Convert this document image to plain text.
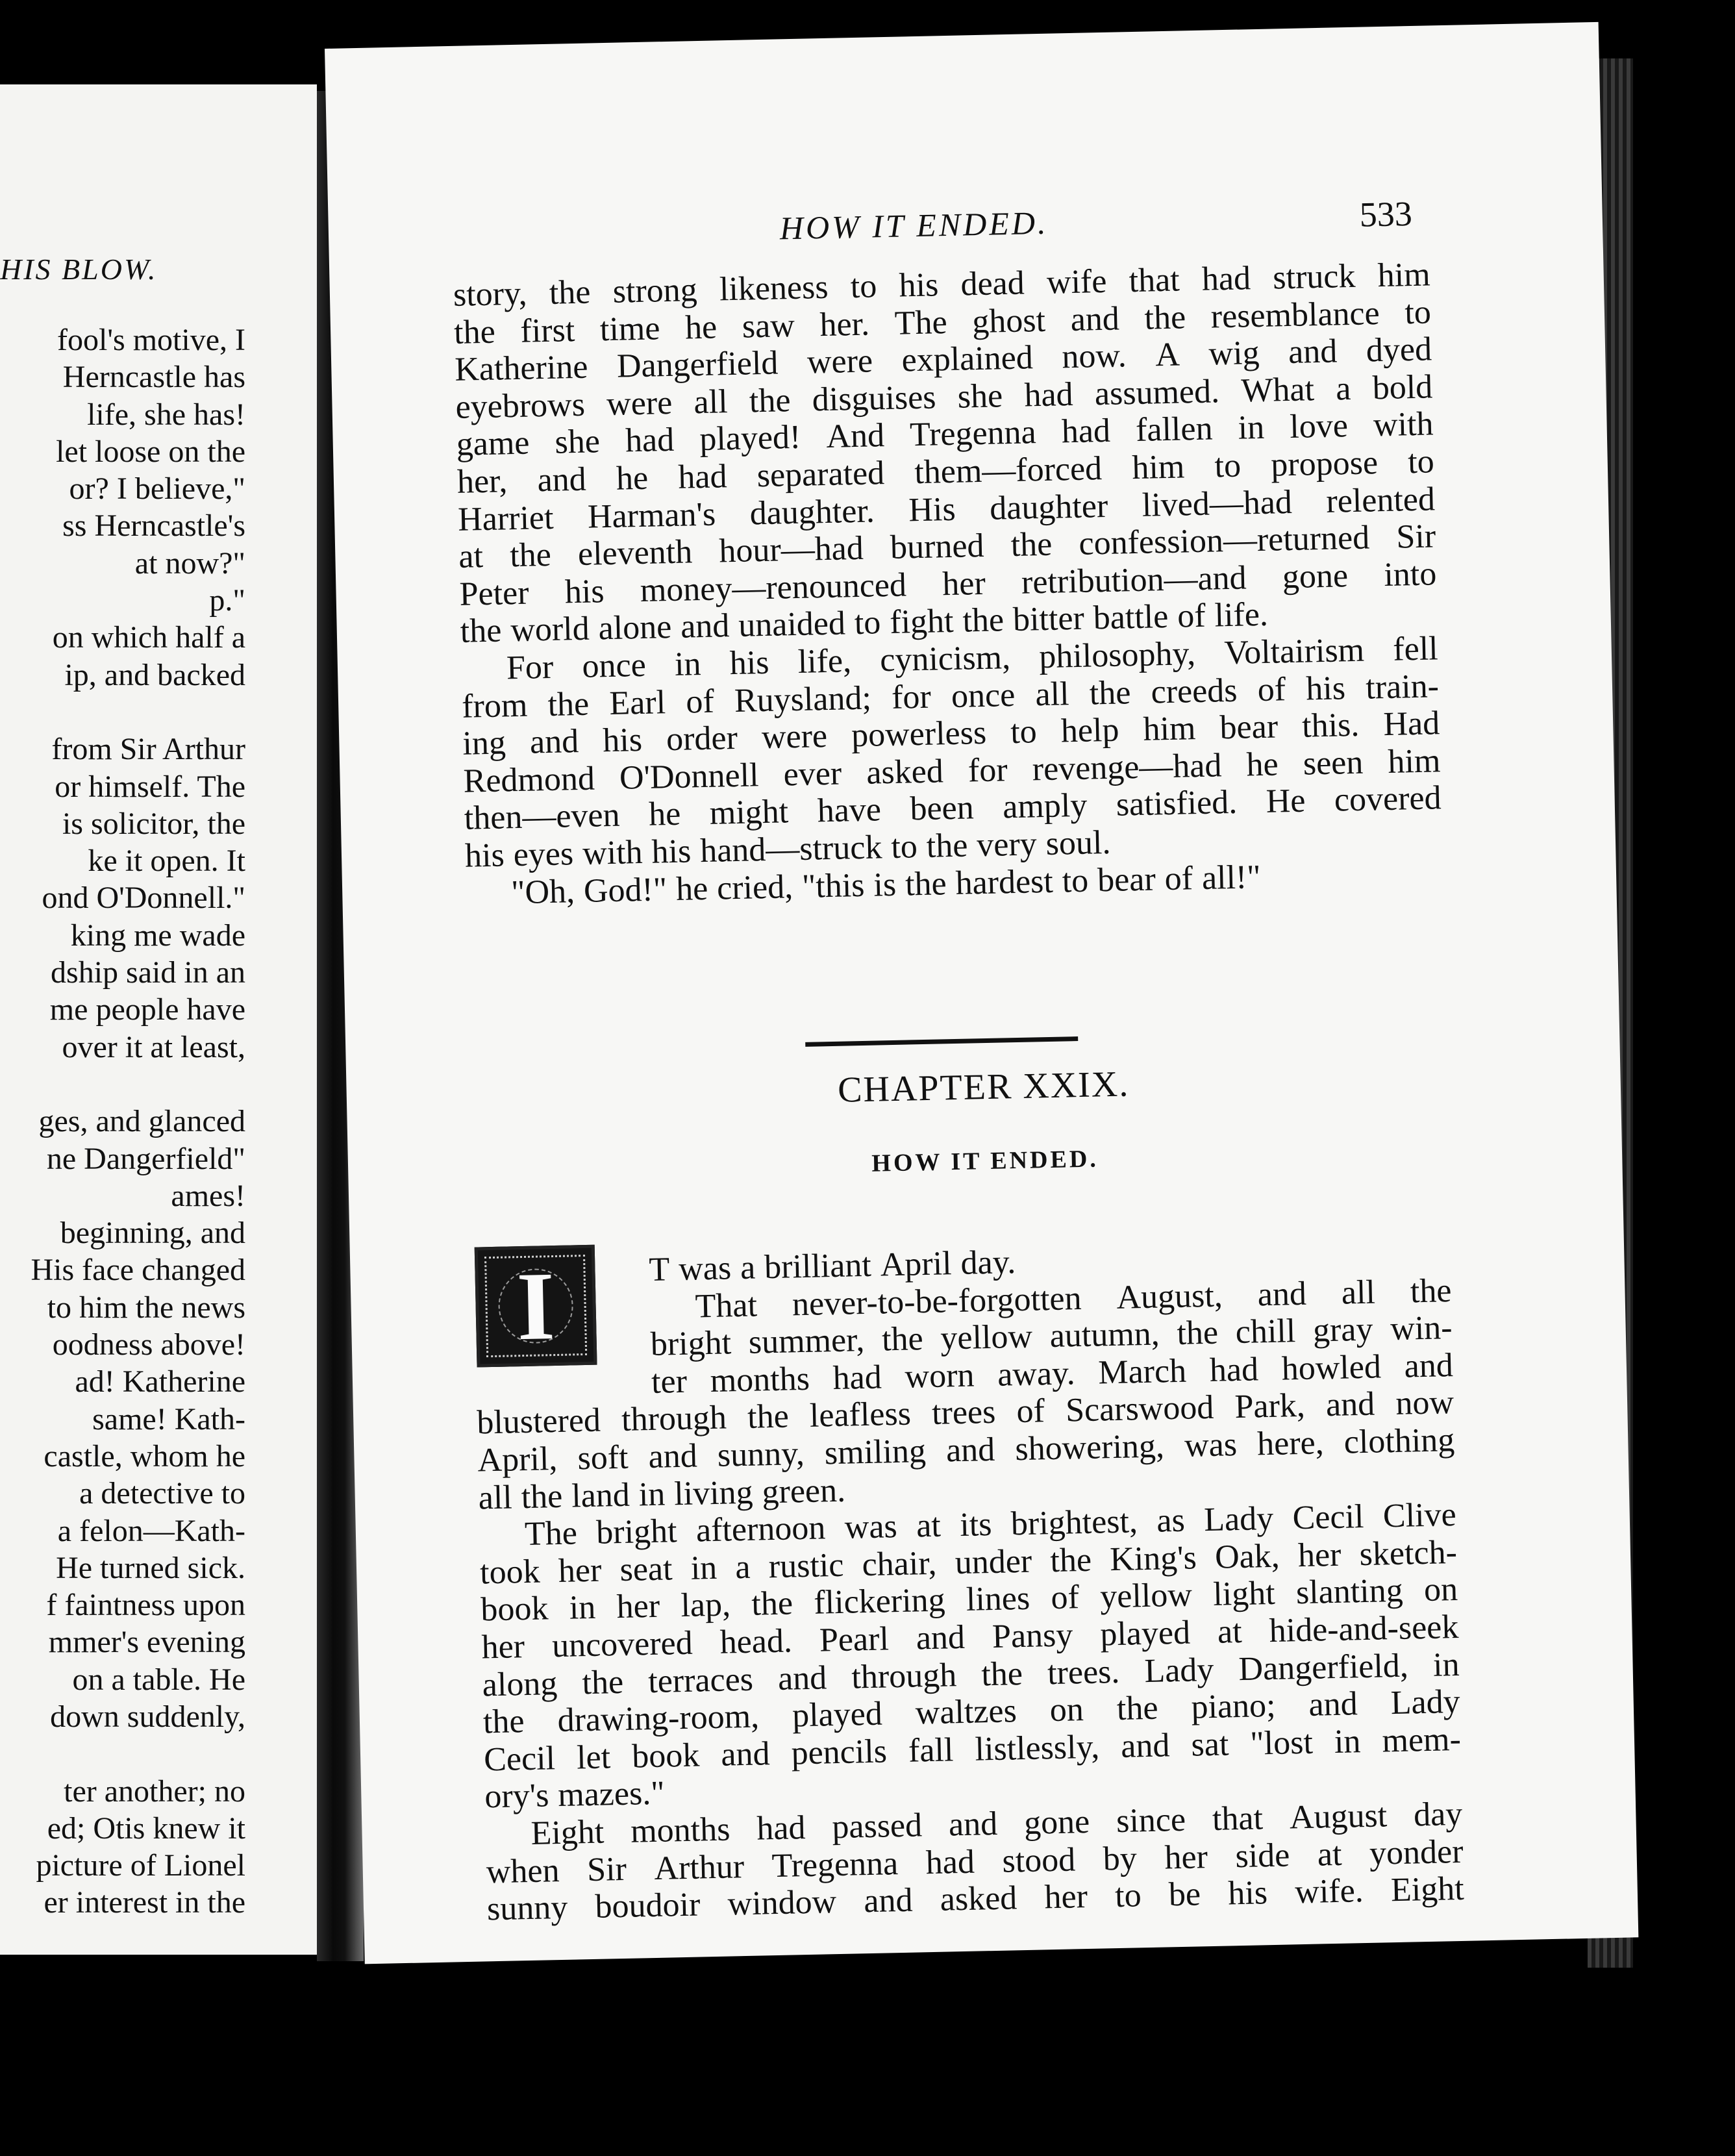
HIS BLOW.
fool's motive, I
Herncastle has
life, she has!
let loose on the
or? I believe,"
ss Herncastle's
at now?"
p."
on which half a
ip, and backed
from Sir Arthur
or himself. The
is solicitor, the
ke it open. It
ond O'Donnell."
king me wade
dship said in an
me people have
over it at least,
ges, and glanced
ne Dangerfield"
ames!
beginning, and
His face changed
to him the news
oodness above!
ad! Katherine
same! Kath-
castle, whom he
a detective to
a felon—Kath-
He turned sick.
f faintness upon
mmer's evening
on a table. He
down suddenly,
ter another; no
ed; Otis knew it
picture of Lionel
er interest in the
HOW IT ENDED.	533
story, the strong likeness to his dead wife that had struck him
the first time he saw her. The ghost and the resemblance to
Katherine Dangerfield were explained now. A wig and dyed
eyebrows were all the disguises she had assumed. What a bold
game she had played! And Tregenna had fallen in love with
her, and he had separated them—forced him to propose to
Harriet Harman's daughter. His daughter lived—had relented
at the eleventh hour—had burned the confession—returned Sir
Peter his money—renounced her retribution—and gone into
the world alone and unaided to fight the bitter battle of life.
For once in his life, cynicism, philosophy, Voltairism fell
from the Earl of Ruysland; for once all the creeds of his train-
ing and his order were powerless to help him bear this. Had
Redmond O'Donnell ever asked for revenge—had he seen him
then—even he might have been amply satisfied. He covered
his eyes with his hand—struck to the very soul.
"Oh, God!" he cried, "this is the hardest to bear of all!"
CHAPTER XXIX.
HOW IT ENDED.
I	T was a brilliant April day.
That never-to-be-forgotten August, and all the
bright summer, the yellow autumn, the chill gray win-
ter months had worn away. March had howled and
blustered through the leafless trees of Scarswood Park, and now
April, soft and sunny, smiling and showering, was here, clothing
all the land in living green.
The bright afternoon was at its brightest, as Lady Cecil Clive
took her seat in a rustic chair, under the King's Oak, her sketch-
book in her lap, the flickering lines of yellow light slanting on
her uncovered head. Pearl and Pansy played at hide-and-seek
along the terraces and through the trees. Lady Dangerfield, in
the drawing-room, played waltzes on the piano; and Lady
Cecil let book and pencils fall listlessly, and sat "lost in mem-
ory's mazes."
Eight months had passed and gone since that August day
when Sir Arthur Tregenna had stood by her side at yonder
sunny boudoir window and asked her to be his wife. Eight
